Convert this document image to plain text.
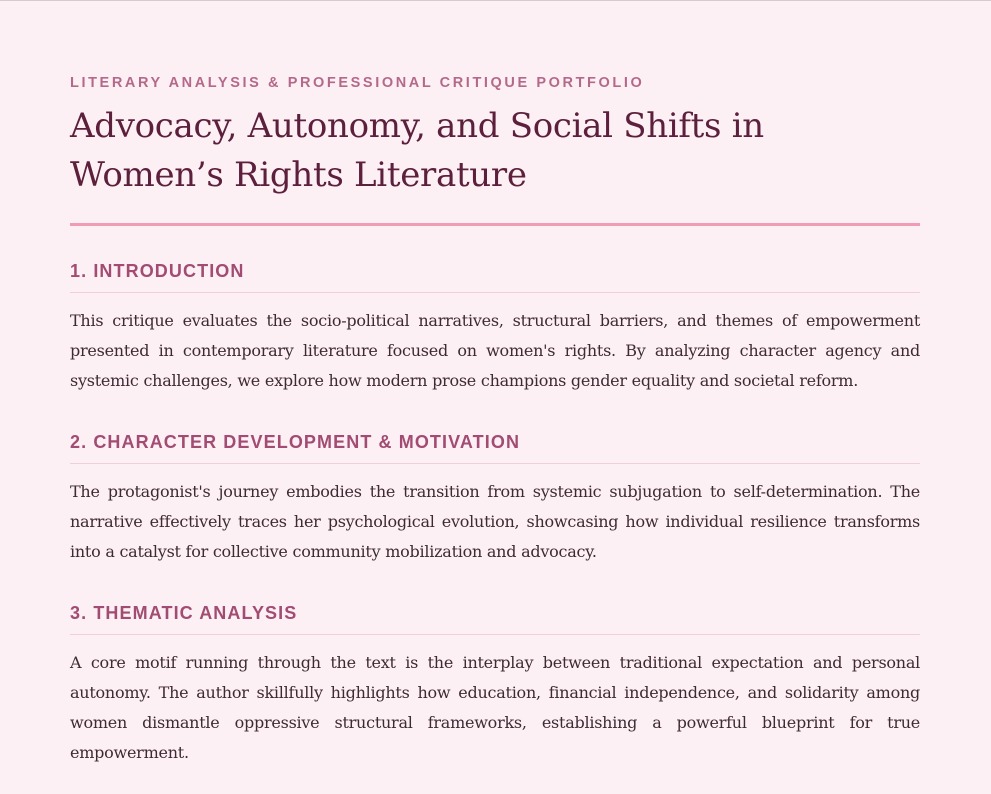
LITERARY ANALYSIS & PROFESSIONAL CRITIQUE PORTFOLIO
Advocacy, Autonomy, and Social Shifts in
Women’s Rights Literature
1. INTRODUCTION

This critique evaluates the socio-political narratives, structural barriers, and themes of empowerment presented in contemporary literature focused on women's rights. By analyzing character agency and systemic challenges, we explore how modern prose champions gender equality and societal reform.

2. CHARACTER DEVELOPMENT & MOTIVATION

The protagonist's journey embodies the transition from systemic subjugation to self-determination. The narrative effectively traces her psychological evolution, showcasing how individual resilience transforms into a catalyst for collective community mobilization and advocacy.

3. THEMATIC ANALYSIS

A core motif running through the text is the interplay between traditional expectation and personal autonomy. The author skillfully highlights how education, financial independence, and solidarity among women dismantle oppressive structural frameworks, establishing a powerful blueprint for true empowerment.
